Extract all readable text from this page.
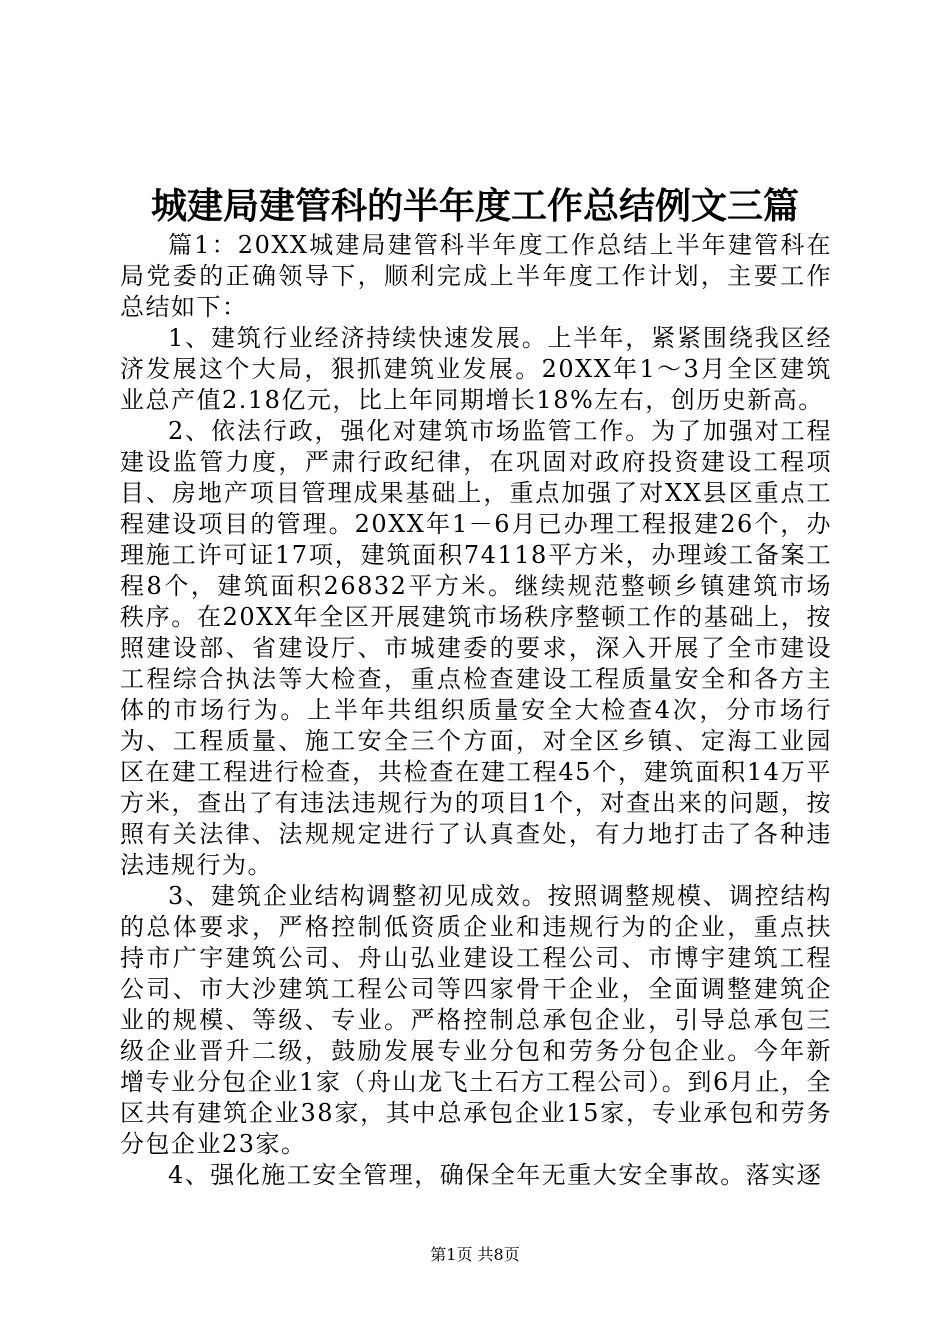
城建局建管科的半年度工作总结例文三篇

篇1：20XX城建局建管科半年度工作总结上半年建管科在局党委的正确领导下，顺利完成上半年度工作计划，主要工作总结如下：

1、建筑行业经济持续快速发展。上半年，紧紧围绕我区经济发展这个大局，狠抓建筑业发展。20XX年1～3月全区建筑业总产值2.18亿元，比上年同期增长18%左右，创历史新高。

2、依法行政，强化对建筑市场监管工作。为了加强对工程建设监管力度，严肃行政纪律，在巩固对政府投资建设工程项目、房地产项目管理成果基础上，重点加强了对XX县区重点工程建设项目的管理。20XX年1－6月已办理工程报建26个，办理施工许可证17项，建筑面积74118平方米，办理竣工备案工程8个，建筑面积26832平方米。继续规范整顿乡镇建筑市场秩序。在20XX年全区开展建筑市场秩序整顿工作的基础上，按照建设部、省建设厅、市城建委的要求，深入开展了全市建设工程综合执法等大检查，重点检查建设工程质量安全和各方主体的市场行为。上半年共组织质量安全大检查4次，分市场行为、工程质量、施工安全三个方面，对全区乡镇、定海工业园区在建工程进行检查，共检查在建工程45个，建筑面积14万平方米，查出了有违法违规行为的项目1个，对查出来的问题，按照有关法律、法规规定进行了认真查处，有力地打击了各种违法违规行为。

3、建筑企业结构调整初见成效。按照调整规模、调控结构的总体要求，严格控制低资质企业和违规行为的企业，重点扶持市广宇建筑公司、舟山弘业建设工程公司、市博宇建筑工程公司、市大沙建筑工程公司等四家骨干企业，全面调整建筑企业的规模、等级、专业。严格控制总承包企业，引导总承包三级企业晋升二级，鼓励发展专业分包和劳务分包企业。今年新增专业分包企业1家（舟山龙飞土石方工程公司）。到6月止，全区共有建筑企业38家，其中总承包企业15家，专业承包和劳务分包企业23家。

4、强化施工安全管理，确保全年无重大安全事故。落实逐

第1页 共8页
